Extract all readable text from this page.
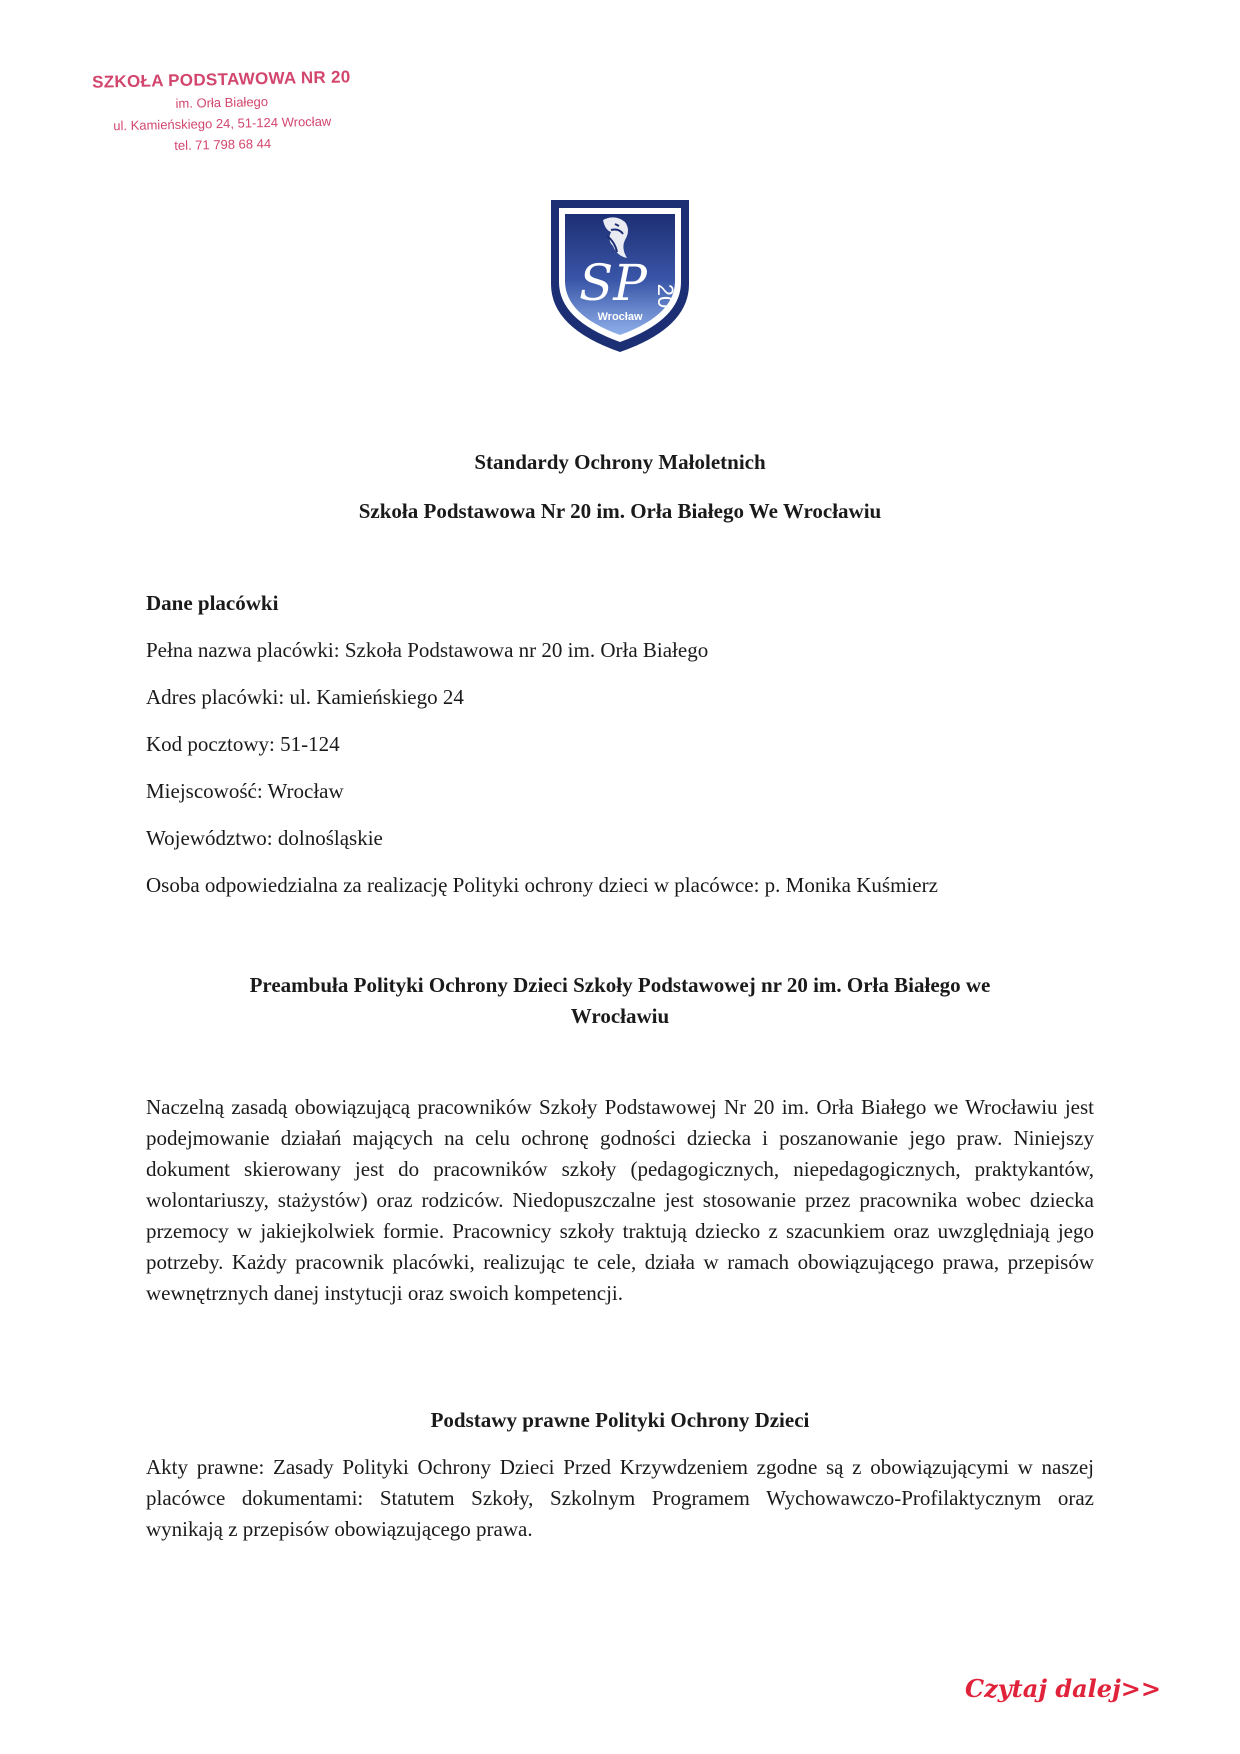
SZKOŁA PODSTAWOWA NR 20
im. Orła Białego
ul. Kamieńskiego 24, 51-124 Wrocław
tel. 71 798 68 44
SP 20
Wrocław
Standardy Ochrony Małoletnich
Szkoła Podstawowa Nr 20 im. Orła Białego We Wrocławiu
Dane placówki
Pełna nazwa placówki: Szkoła Podstawowa nr 20 im. Orła Białego
Adres placówki: ul. Kamieńskiego 24
Kod pocztowy: 51-124
Miejscowość: Wrocław
Województwo: dolnośląskie
Osoba odpowiedzialna za realizację Polityki ochrony dzieci w placówce: p. Monika Kuśmierz
Preambuła Polityki Ochrony Dzieci Szkoły Podstawowej nr 20 im. Orła Białego we
Wrocławiu
Naczelną zasadą obowiązującą pracowników Szkoły Podstawowej Nr 20 im. Orła Białego we Wrocławiu jest podejmowanie działań mających na celu ochronę godności dziecka i poszanowanie jego praw. Niniejszy dokument skierowany jest do pracowników szkoły (pedagogicznych, niepedagogicznych, praktykantów, wolontariuszy, stażystów) oraz rodziców. Niedopuszczalne jest stosowanie przez pracownika wobec dziecka przemocy w jakiejkolwiek formie. Pracownicy szkoły traktują dziecko z szacunkiem oraz uwzględniają jego potrzeby. Każdy pracownik placówki, realizując te cele, działa w ramach obowiązującego prawa, przepisów wewnętrznych danej instytucji oraz swoich kompetencji.
Podstawy prawne Polityki Ochrony Dzieci
Akty prawne: Zasady Polityki Ochrony Dzieci Przed Krzywdzeniem zgodne są z obowiązującymi w naszej placówce dokumentami: Statutem Szkoły, Szkolnym Programem Wychowawczo-Profilaktycznym oraz wynikają z przepisów obowiązującego prawa.
Czytaj dalej>>
